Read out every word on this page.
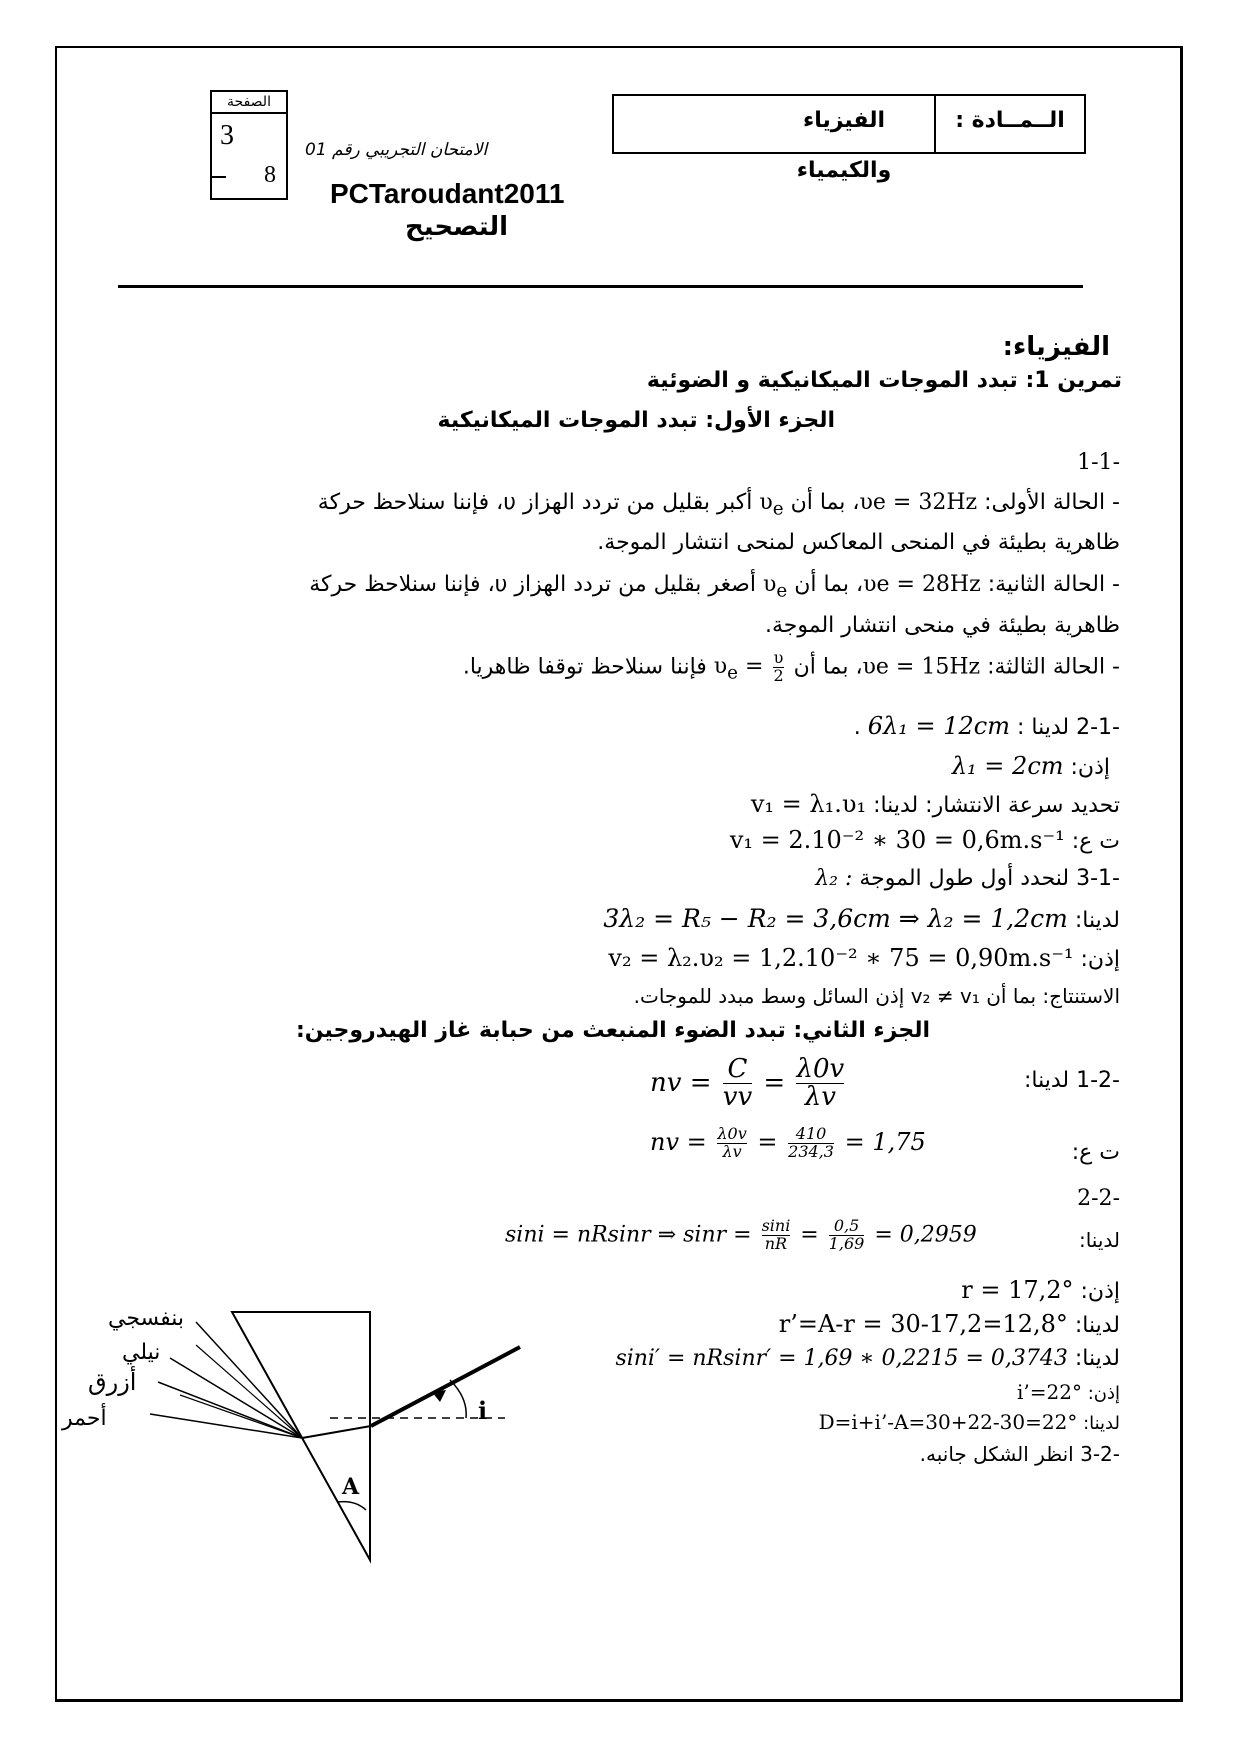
الصفحة
3
8
الامتحان التجريبي رقم 01
PCTaroudant2011
التصحيح
الــمــادة :
الفيزياء والكيمياء
الفيزياء:
تمرين 1: تبدد الموجات الميكانيكية و الضوئية
الجزء الأول: تبدد الموجات الميكانيكية
-1-1
- الحالة الأولى: υe = 32Hz، بما أن $\upsilon_e$ أكبر بقليل من تردد الهزاز υ، فإننا سنلاحظ حركة
ظاهرية بطيئة في المنحى المعاكس لمنحى انتشار الموجة.
- الحالة الثانية: υe = 28Hz، بما أن $\upsilon_e$ أصغر بقليل من تردد الهزاز υ، فإننا سنلاحظ حركة
ظاهرية بطيئة في منحى انتشار الموجة.
- الحالة الثالثة: υe = 15Hz، بما أن $\upsilon_e = \frac{\upsilon}{2}$
فإننا سنلاحظ توقفا ظاهريا.
-2-1 لدينا : 6λ₁ = 12cm .
إذن: λ₁ = 2cm
تحديد سرعة الانتشار: لدينا: v₁ = λ₁.υ₁
ت ع: v₁ = 2.10⁻² ∗ 30 = 0,6m.s⁻¹
-3-1 لنحدد أول طول الموجة λ₂ :
لدينا: 3λ₂ = R₅ − R₂ = 3,6cm ⇒ λ₂ = 1,2cm
إذن: v₂ = λ₂.υ₂ = 1,2.10⁻² ∗ 75 = 0,90m.s⁻¹
الاستنتاج: بما أن v₂ ≠ v₁ إذن السائل وسط مبدد للموجات.
الجزء الثاني: تبدد الضوء المنبعث من حبابة غاز الهيدروجين:
-1-2 لدينا:
nv = $\frac{C}{vv} = \frac{\lambda 0v}{\lambda v}$
ت ع:
nv = $\frac{\lambda 0v}{\lambda v} = \frac{410}{234,3} = 1,75$
-2-2
لدينا:
sini = nRsinr ⇒ $\sin r = \frac{\sin i}{nR} = \frac{0,5}{1,69} = 0,2959$
إذن: r = 17,2°
لدينا: r’=A-r = 30-17,2=12,8°
لدينا: sini′ = nRsinr′ = 1,69 ∗ 0,2215 = 0,3743
إذن: i’=22°
لدينا: D=i+i’-A=30+22-30=22°
-3-2 انظر الشكل جانبه.
بنفسجي
نيلي
أزرق
أحمر	i
A
